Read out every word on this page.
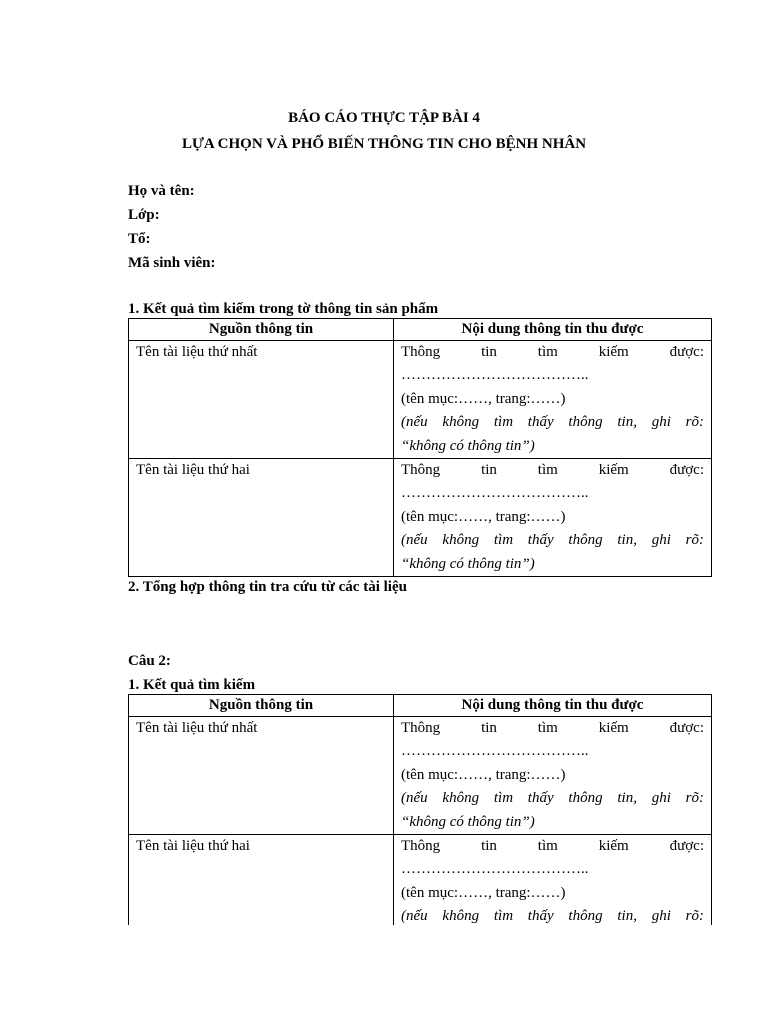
BÁO CÁO THỰC TẬP BÀI 4
LỰA CHỌN VÀ PHỔ BIẾN THÔNG TIN CHO BỆNH NHÂN
Họ và tên:
Lớp:
Tổ:
Mã sinh viên:
1. Kết quả tìm kiếm trong tờ thông tin sản phẩm
Nguồn thông tin	Nội dung thông tin thu được
Tên tài liệu thứ nhất	Thông tin tìm kiếm được:
………………………………..
(tên mục:……, trang:……)
(nếu không tìm thấy thông tin, ghi rõ:
“không có thông tin”)

Tên tài liệu thứ hai	Thông tin tìm kiếm được:
………………………………..
(tên mục:……, trang:……)
(nếu không tìm thấy thông tin, ghi rõ:
“không có thông tin”)
2. Tổng hợp thông tin tra cứu từ các tài liệu
Câu 2:
1. Kết quả tìm kiếm
Nguồn thông tin	Nội dung thông tin thu được
Tên tài liệu thứ nhất	Thông tin tìm kiếm được:
………………………………..
(tên mục:……, trang:……)
(nếu không tìm thấy thông tin, ghi rõ:
“không có thông tin”)

Tên tài liệu thứ hai	Thông tin tìm kiếm được:
………………………………..
(tên mục:……, trang:……)
(nếu không tìm thấy thông tin, ghi rõ:
